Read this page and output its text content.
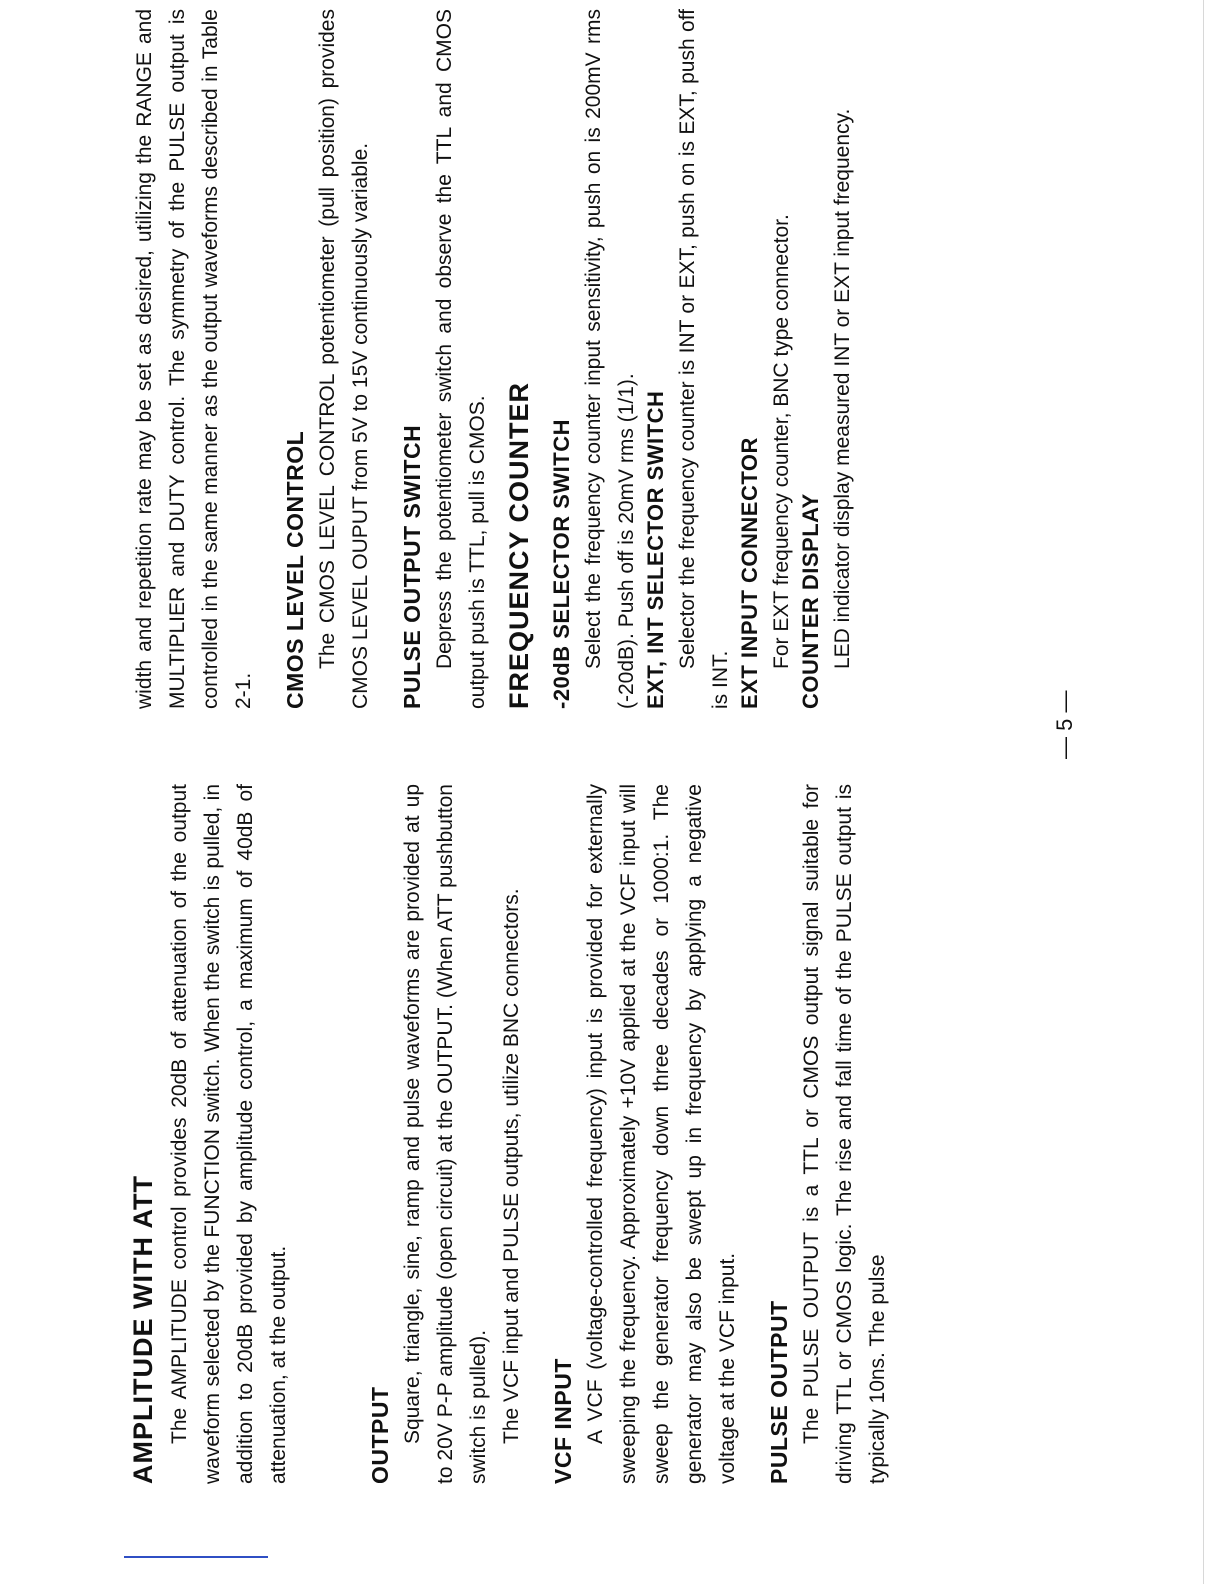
AMPLITUDE WITH ATT The AMPLITUDE control provides 20dB of attenuation of the output waveform selected by the FUNCTION switch. When the switch is pulled, in addition to 20dB provided by amplitude control, a maximum of 40dB of attenuation, at the output.	OUTPUT Square, triangle, sine, ramp and pulse waveforms are provided at up to 20V P-P amplitude (open circuit) at the OUTPUT. (When ATT pushbutton switch is pulled). The VCF input and PULSE outputs, utilize BNC connectors. VCF INPUT A VCF (voltage-controlled frequency) input is provided for externally sweeping the frequency. Approximately +10V applied at the VCF input will sweep the generator frequency down three decades or 1000:1. The generator may also be swept up in frequency by applying a negative voltage at the VCF input. PULSE OUTPUT The PULSE OUTPUT is a TTL or CMOS output signal suitable for driving TTL or CMOS logic. The rise and fall time of the PULSE output is typically 10ns. The pulse

width and repetition rate may be set as desired, utilizing the RANGE and MULTIPLIER and DUTY control. The symmetry of the PULSE output is controlled in the same manner as the output waveforms described in Table 2-1. CMOS LEVEL CONTROL The CMOS LEVEL CONTROL potentiometer (pull position) provides CMOS LEVEL OUPUT from 5V to 15V continuously variable. PULSE OUTPUT SWITCH Depress the potentiometer switch and observe the TTL and CMOS output push is TTL, pull is CMOS. FREQUENCY COUNTER -20dB SELECTOR SWITCH Select the frequency counter input sensitivity, push on is 200mV rms (-20dB). Push off is 20mV rms (1/1). EXT, INT SELECTOR SWITCH Selector the frequency counter is INT or EXT, push on is EXT, push off is INT. EXT INPUT CONNECTOR For EXT frequency counter, BNC type connector. COUNTER DISPLAY LED indicator display measured INT or EXT input frequency.

— 5 —
